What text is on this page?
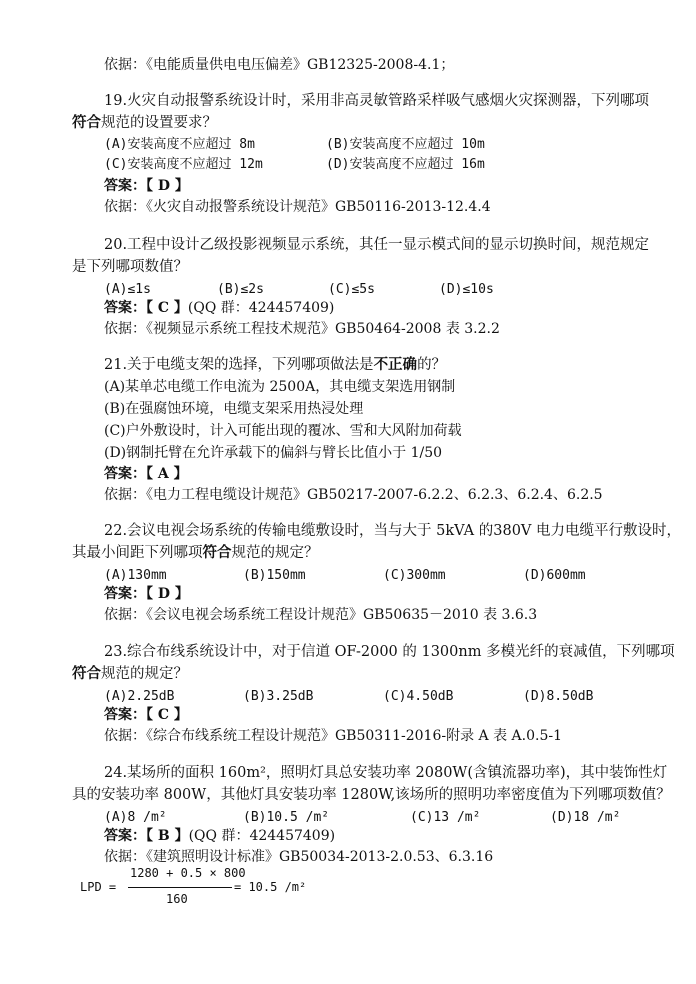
依据：《电能质量供电电压偏差》GB12325-2008-4.1；
19.火灾自动报警系统设计时，采用非高灵敏管路采样吸气感烟火灾探测器，下列哪项
符合规范的设置要求？
(A)安装高度不应超过 8m	(B)安装高度不应超过 10m
(C)安装高度不应超过 12m	(D)安装高度不应超过 16m
答案：【 D 】
依据：《火灾自动报警系统设计规范》GB50116-2013-12.4.4
20.工程中设计乙级投影视频显示系统，其任一显示模式间的显示切换时间，规范规定
是下列哪项数值？
(A)≤1s	(B)≤2s	(C)≤5s	(D)≤10s
答案：【 C 】(QQ 群：424457409)
依据：《视频显示系统工程技术规范》GB50464-2008 表 3.2.2
21.关于电缆支架的选择，下列哪项做法是不正确的？
(A)某单芯电缆工作电流为 2500A，其电缆支架选用钢制
(B)在强腐蚀环境，电缆支架采用热浸处理
(C)户外敷设时，计入可能出现的覆冰、雪和大风附加荷载
(D)钢制托臂在允许承载下的偏斜与臂长比值小于 1/50
答案：【 A 】
依据：《电力工程电缆设计规范》GB50217-2007-6.2.2、6.2.3、6.2.4、6.2.5
22.会议电视会场系统的传输电缆敷设时，当与大于 5kVA 的380V 电力电缆平行敷设时，
其最小间距下列哪项符合规范的规定？
(A)130mm	(B)150mm	(C)300mm	(D)600mm
答案：【 D 】
依据：《会议电视会场系统工程设计规范》GB50635－2010 表 3.6.3
23.综合布线系统设计中，对于信道 OF-2000 的 1300nm 多模光纤的衰减值，下列哪项
符合规范的规定？
(A)2.25dB	(B)3.25dB	(C)4.50dB	(D)8.50dB
答案：【 C 】
依据：《综合布线系统工程设计规范》GB50311-2016-附录 A 表 A.0.5-1
24.某场所的面积 160m²，照明灯具总安装功率 2080W(含镇流器功率)，其中装饰性灯
具的安装功率 800W，其他灯具安装功率 1280W,该场所的照明功率密度值为下列哪项数值？
(A)8 /m²	(B)10.5 /m²	(C)13 /m²	(D)18 /m²
答案：【 B 】(QQ 群：424457409)
依据：《建筑照明设计标准》GB50034-2013-2.0.53、6.3.16
LPD =
1280 + 0.5 × 800
160
= 10.5 /m²
